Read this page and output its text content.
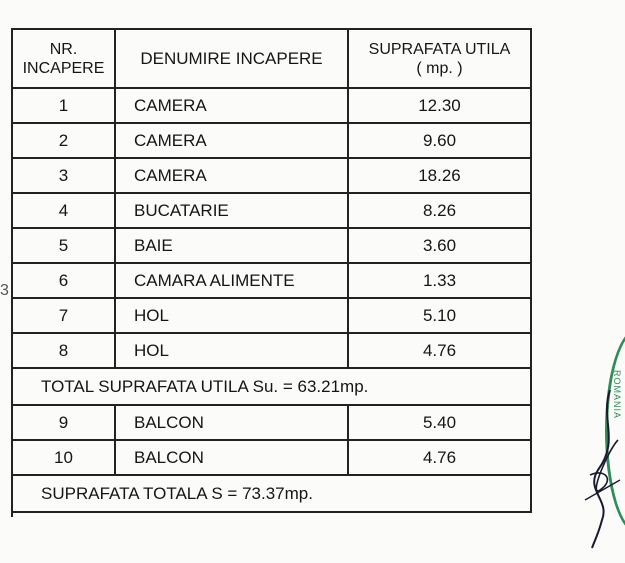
3
NR.
INCAPERE	DENUMIRE INCAPERE	SUPRAFATA UTILA
( mp. )
1	CAMERA	12.30
2	CAMERA	9.60
3	CAMERA	18.26
4	BUCATARIE	8.26
5	BAIE	3.60
6	CAMARA ALIMENTE	1.33
7	HOL	5.10
8	HOL	4.76
TOTAL SUPRAFATA UTILA Su. = 63.21mp.		
9	BALCON	5.40
10	BALCON	4.76
SUPRAFATA TOTALA S = 73.37mp.		
ROMANIA
